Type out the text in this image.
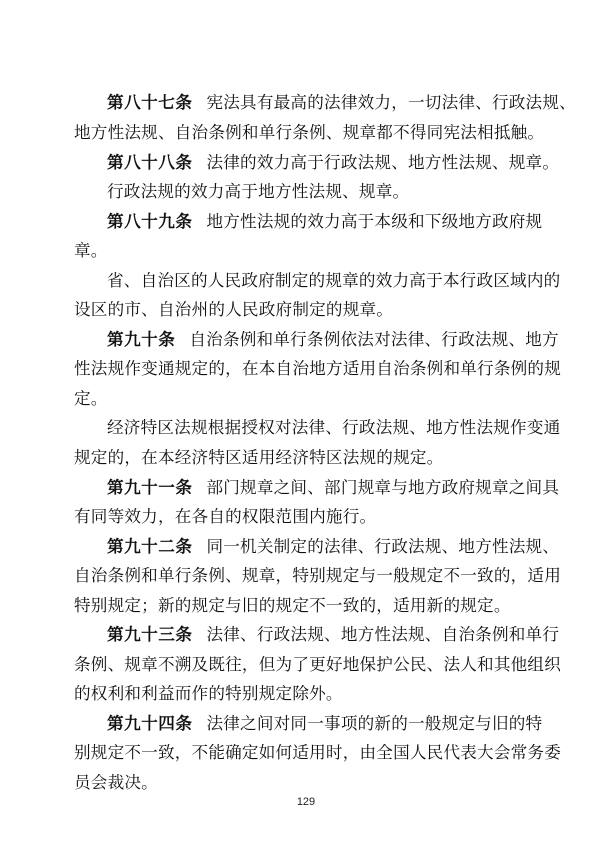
第八十七条 宪法具有最高的法律效力，一切法律、行政法规、
地方性法规、自治条例和单行条例、规章都不得同宪法相抵触。
第八十八条 法律的效力高于行政法规、地方性法规、规章。
行政法规的效力高于地方性法规、规章。
第八十九条 地方性法规的效力高于本级和下级地方政府规
章。
省、自治区的人民政府制定的规章的效力高于本行政区域内的
设区的市、自治州的人民政府制定的规章。
第九十条 自治条例和单行条例依法对法律、行政法规、地方
性法规作变通规定的，在本自治地方适用自治条例和单行条例的规
定。
经济特区法规根据授权对法律、行政法规、地方性法规作变通
规定的，在本经济特区适用经济特区法规的规定。
第九十一条 部门规章之间、部门规章与地方政府规章之间具
有同等效力，在各自的权限范围内施行。
第九十二条 同一机关制定的法律、行政法规、地方性法规、
自治条例和单行条例、规章，特别规定与一般规定不一致的，适用
特别规定；新的规定与旧的规定不一致的，适用新的规定。
第九十三条 法律、行政法规、地方性法规、自治条例和单行
条例、规章不溯及既往，但为了更好地保护公民、法人和其他组织
的权利和利益而作的特别规定除外。
第九十四条 法律之间对同一事项的新的一般规定与旧的特
别规定不一致，不能确定如何适用时，由全国人民代表大会常务委
员会裁决。
129
